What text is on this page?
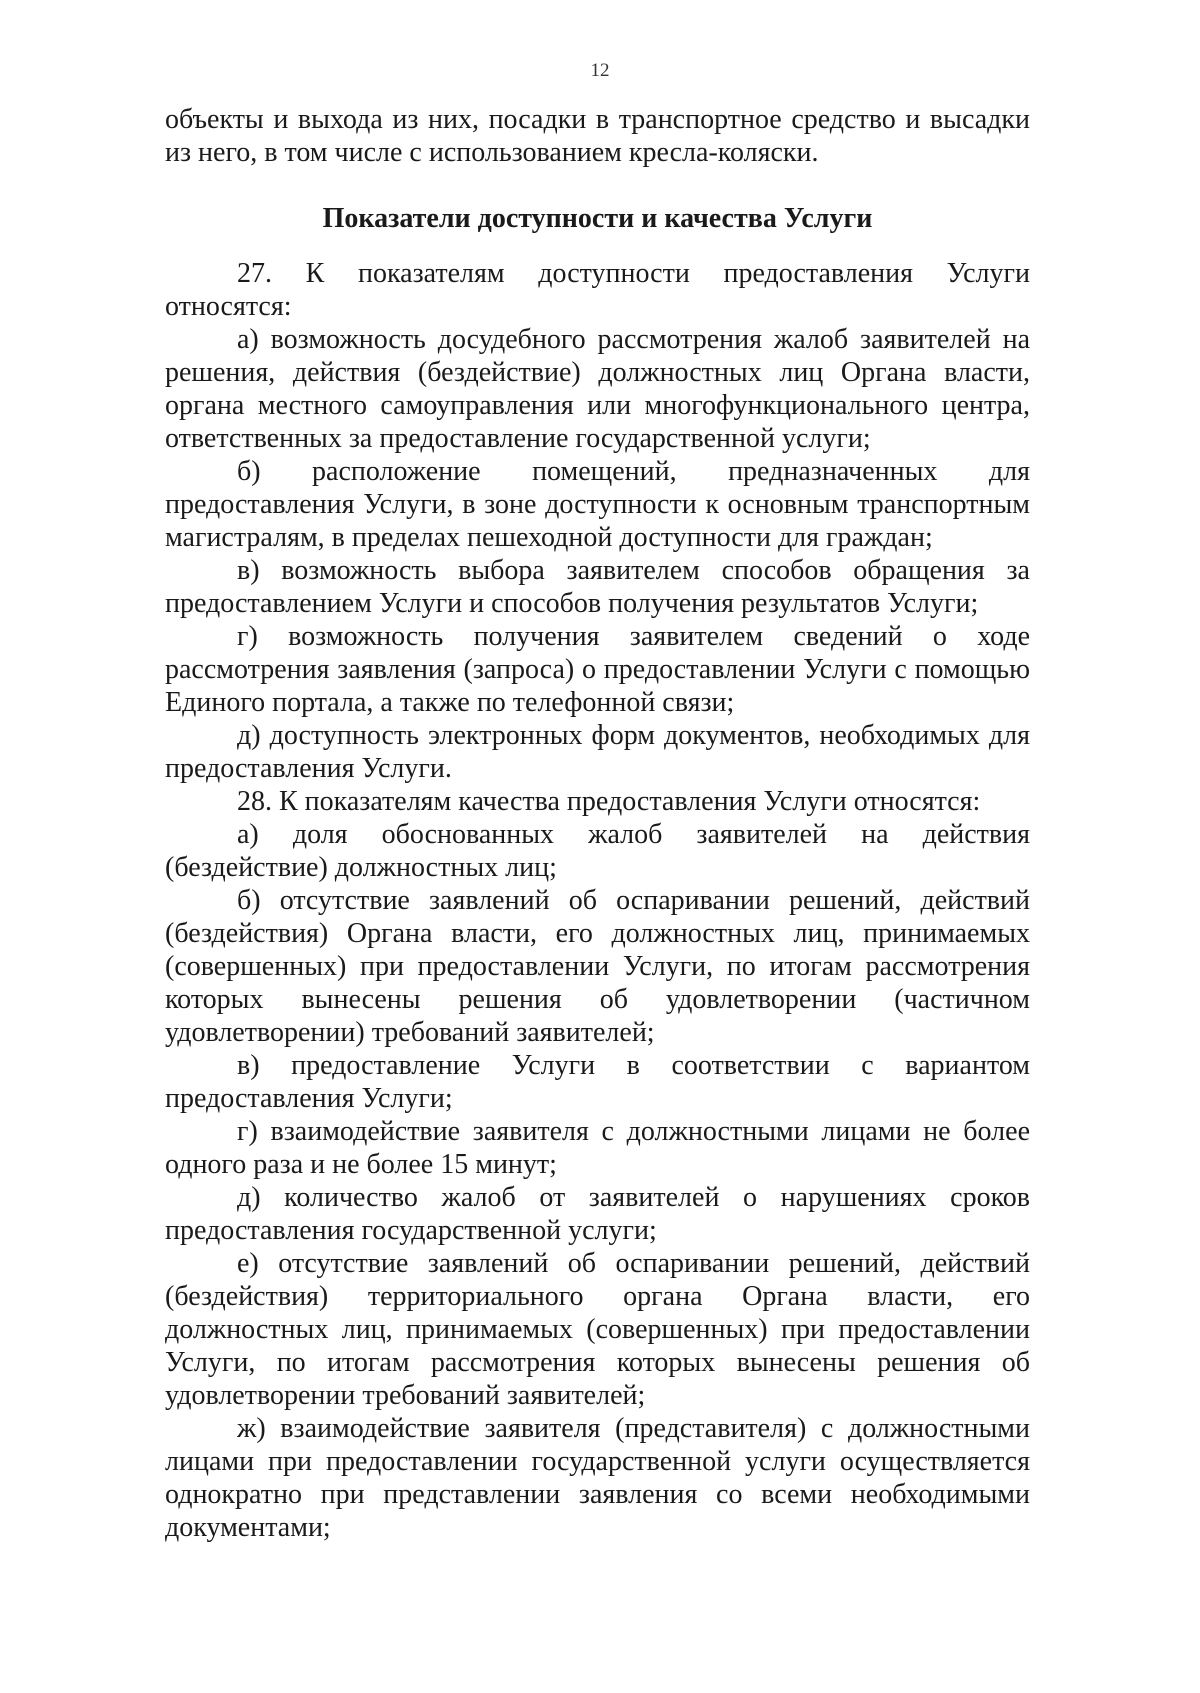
12

объекты и выхода из них, посадки в транспортное средство и высадки из него, в том числе с использованием кресла-коляски.

Показатели доступности и качества Услуги

27. К показателям доступности предоставления Услуги относятся:

а) возможность досудебного рассмотрения жалоб заявителей на решения, действия (бездействие) должностных лиц Органа власти, органа местного самоуправления или многофункционального центра, ответственных за предоставление государственной услуги;

б) расположение помещений, предназначенных для предоставления Услуги, в зоне доступности к основным транспортным магистралям, в пределах пешеходной доступности для граждан;

в) возможность выбора заявителем способов обращения за предоставлением Услуги и способов получения результатов Услуги;

г) возможность получения заявителем сведений о ходе рассмотрения заявления (запроса) о предоставлении Услуги с помощью Единого портала, а также по телефонной связи;

д) доступность электронных форм документов, необходимых для предоставления Услуги.

28. К показателям качества предоставления Услуги относятся:

а) доля обоснованных жалоб заявителей на действия (бездействие) должностных лиц;

б) отсутствие заявлений об оспаривании решений, действий (бездействия) Органа власти, его должностных лиц, принимаемых (совершенных) при предоставлении Услуги, по итогам рассмотрения которых вынесены решения об удовлетворении (частичном удовлетворении) требований заявителей;

в) предоставление Услуги в соответствии с вариантом предоставления Услуги;

г) взаимодействие заявителя с должностными лицами не более одного раза и не более 15 минут;

д) количество жалоб от заявителей о нарушениях сроков предоставления государственной услуги;

е) отсутствие заявлений об оспаривании решений, действий (бездействия) территориального органа Органа власти, его должностных лиц, принимаемых (совершенных) при предоставлении Услуги, по итогам рассмотрения которых вынесены решения об удовлетворении требований заявителей;

ж) взаимодействие заявителя (представителя) с должностными лицами при предоставлении государственной услуги осуществляется однократно при представлении заявления со всеми необходимыми документами;
